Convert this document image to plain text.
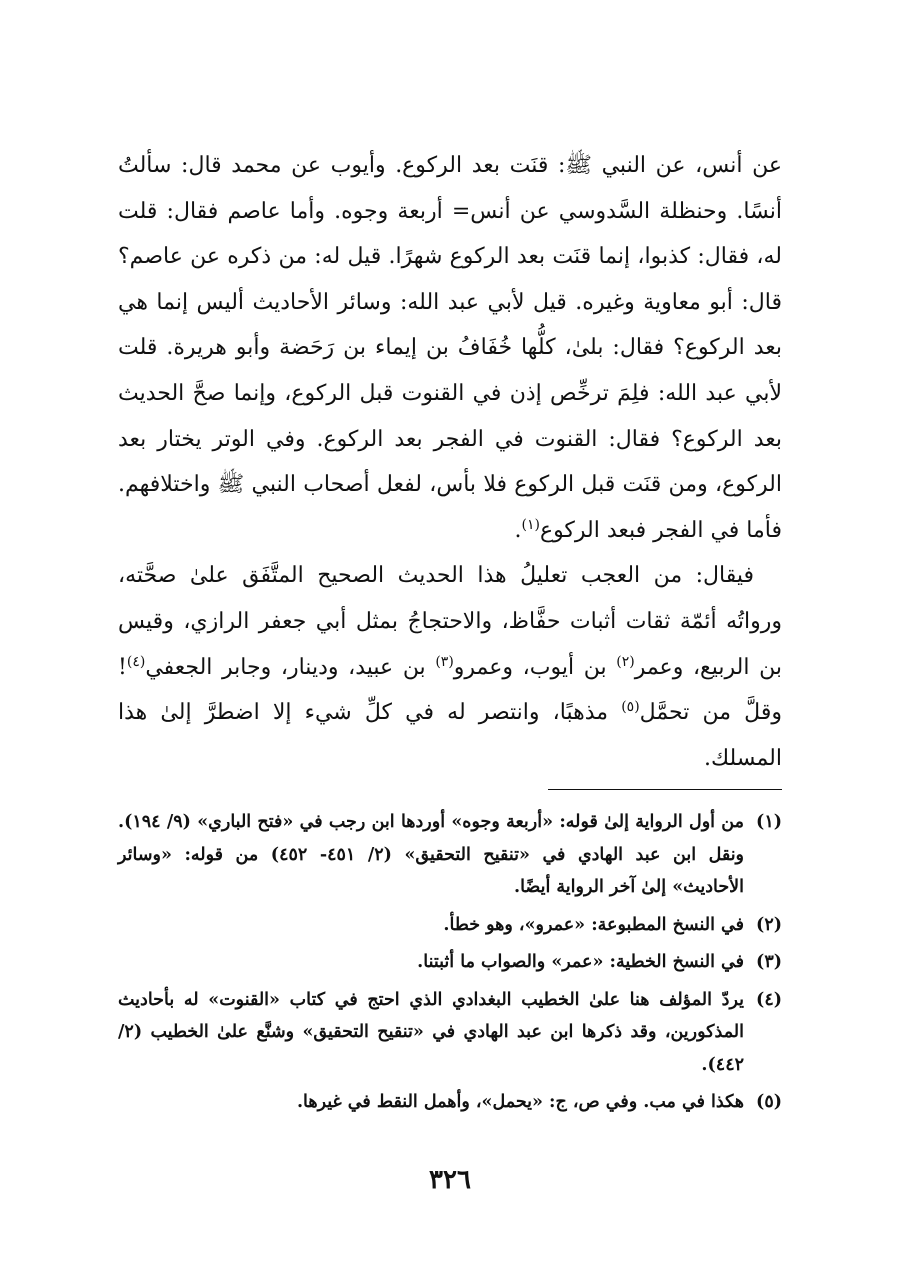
عن أنس، عن النبي ﷺ: قنَت بعد الركوع. وأيوب عن محمد قال: سألتُ أنسًا. وحنظلة السَّدوسي عن أنس= أربعة وجوه. وأما عاصم فقال: قلت له، فقال: كذبوا، إنما قنَت بعد الركوع شهرًا. قيل له: من ذكره عن عاصم؟ قال: أبو معاوية وغيره. قيل لأبي عبد الله: وسائر الأحاديث أليس إنما هي بعد الركوع؟ فقال: بلىٰ، كلُّها خُفَافُ بن إيماء بن رَحَضة وأبو هريرة. قلت لأبي عبد الله: فلِمَ ترخِّص إذن في القنوت قبل الركوع، وإنما صحَّ الحديث بعد الركوع؟ فقال: القنوت في الفجر بعد الركوع. وفي الوتر يختار بعد الركوع، ومن قنَت قبل الركوع فلا بأس، لفعل أصحاب النبي ﷺ واختلافهم. فأما في الفجر فبعد الركوع$^{(١)}$.

فيقال: من العجب تعليلُ هذا الحديث الصحيح المتَّفَق علىٰ صحَّته، ورواتُه أئمّة ثقات أثبات حفَّاظ، والاحتجاجُ بمثل أبي جعفر الرازي، وقيس بن الربيع، وعمر$^{(٢)}$ بن أيوب، وعمرو$^{(٣)}$ بن عبيد، ودينار، وجابر الجعفي$^{(٤)}$! وقلَّ من تحمَّل$^{(٥)}$ مذهبًا، وانتصر له في كلِّ شيء إلا اضطرَّ إلىٰ هذا المسلك.

(١)
من أول الرواية إلىٰ قوله: «أربعة وجوه» أوردها ابن رجب في «فتح الباري» (٩/ ١٩٤). ونقل ابن عبد الهادي في «تنقيح التحقيق» (٢/ ٤٥١- ٤٥٢) من قوله: «وسائر الأحاديث» إلىٰ آخر الرواية أيضًا.
(٢)
في النسخ المطبوعة: «عمرو»، وهو خطأ.
(٣)
في النسخ الخطية: «عمر» والصواب ما أثبتنا.
(٤)
يردّ المؤلف هنا علىٰ الخطيب البغدادي الذي احتج في كتاب «القنوت» له بأحاديث المذكورين، وقد ذكرها ابن عبد الهادي في «تنقيح التحقيق» وشنَّع علىٰ الخطيب (٢/ ٤٤٢).
(٥)
هكذا في مب. وفي ص، ج: «يحمل»، وأهمل النقط في غيرها.
٣٢٦
